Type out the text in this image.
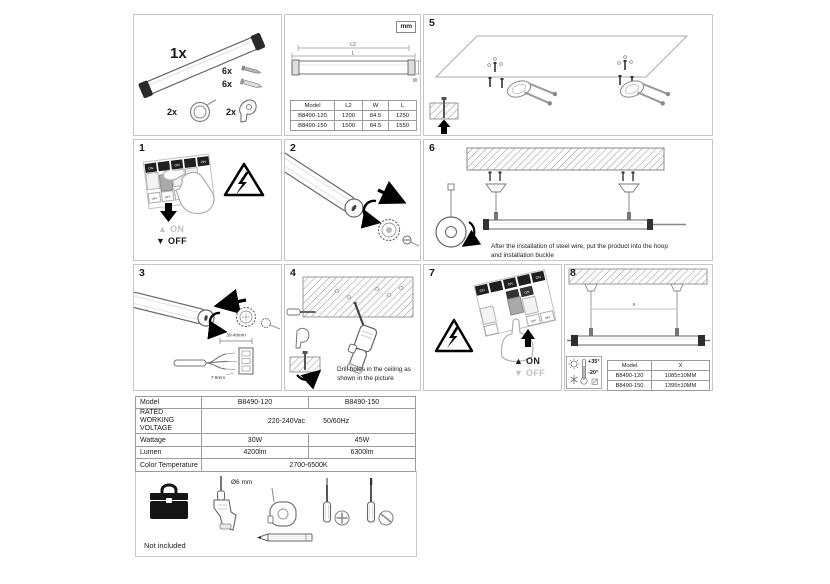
1x
6x
6x
2x	2x
mm
L2
L
W
Model	L2	W	L
B8490-120	1200	84.5	1250
B8490-150	1500	84.5	1550
5
1
ON
ON
ON
OFF OFF
▲ ON
▼ OFF
2	6
After the installation of steel wire, put the product into the hoop and installation buckle
3
30-40mm
7-8mm
4
Drill holes in the ceiling as shown in the picture
7
ON
ON
ON
ON
OFF
OFF
▲ ON
▼ OFF
8
x
+35°
-20°
Model	X
B8490-120	1085±10MM
B8490-150	1395±10MM
Model	B8490-120	B8490-150
RATED WORKING VOLTAGE	220-240Vac 50/60Hz	

Wattage	30W	45W
Lumen	4200lm	6300lm
Color Temperature	2700-6500K	
Ø6 mm
Not included
